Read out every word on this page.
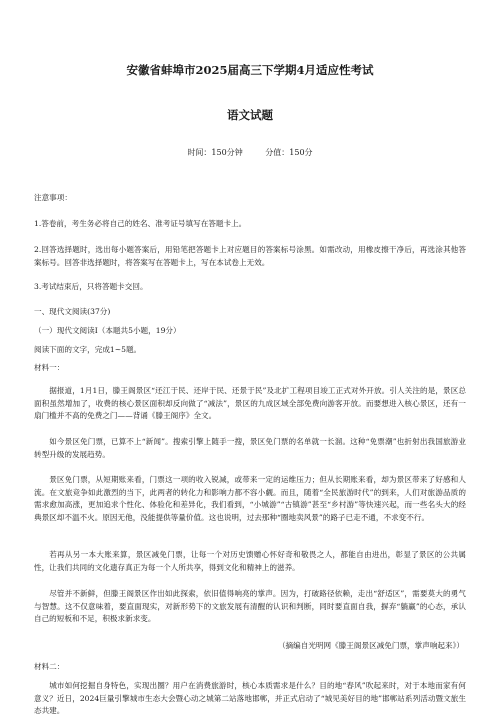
安徽省蚌埠市2025届高三下学期4月适应性考试
语文试题
时间：150分钟	分值：150分
注意事项：
1.答卷前，考生务必将自己的姓名、准考证号填写在答题卡上。
2.回答选择题时，选出每小题答案后，用铅笔把答题卡上对应题目的答案标号涂黑。如需改动，用橡皮擦干净后，再选涂其他答案标号。回答非选择题时，将答案写在答题卡上，写在本试卷上无效。
3.考试结束后，只将答题卡交回。
一、现代文阅读(37分)
（一）现代文阅读Ⅰ（本题共5小题，19分）
阅读下面的文字，完成1~5题。
材料一：
据报道，1月1日，滕王阁景区“还江于民、还岸于民、还景于民”及北扩工程项目竣工正式对外开放。引人关注的是，景区总面积虽然增加了，收费的核心景区面积却反向做了“减法”，景区的九成区域全部免费向游客开放。而要想进入核心景区，还有一扇门槛并不高的免费之门——背诵《滕王阁序》全文。
如今景区免门票，已算不上“新闻”。搜索引擎上随手一搜，景区免门票的名单就一长溜。这种“免票潮”也折射出我国旅游业转型升级的发展趋势。
景区免门票，从短期账来看，门票这一项的收入锐减，或带来一定的运维压力；但从长期账来看，却为景区带来了好感和人流。在文旅竞争如此激烈的当下，此两者的转化力和影响力都不容小觑。而且，随着“全民旅游时代”的到来，人们对旅游品质的需求愈加高涨，更加追求个性化、体验化和差异化，我们看到，“小城游”“古镇游”甚至“乡村游”等快速兴起，而一些名头大的经典景区却不温不火。原因无他，没能提供等量价值。这也说明，过去那种“圈地卖风景”的路子已走不通，不求变不行。
若再从另一本大账来算，景区减免门票，让每一个对历史馈赠心怀好奇和敬畏之人，都能自由进出，彰显了景区的公共属性，让我们共同的文化遗存真正为每一个人所共享，得到文化和精神上的滋养。
尽管并不新鲜，但滕王阁景区作出如此探索，依旧值得响亮的掌声。因为，打破路径依赖，走出“舒适区”，需要莫大的勇气与智慧。这不仅意味着，要直面现实，对新形势下的文旅发展有清醒的认识和判断，同时要直面自我，摒弃“躺赢”的心态，承认自己的短板和不足，积极求新求变。
（摘编自光明网《滕王阁景区减免门票，掌声响起来》）
材料二：
城市如何挖掘自身特色，实现出圈？用户在消费旅游时，核心本质需求是什么？目的地“春风”吹起来时，对于本地而家有何意义？近日，2024巨量引擎城市生态大会暨心动之城第二站落地邯郸，并正式启动了“城见美好目的地”邯郸站系列活动暨文旅生态共建。
